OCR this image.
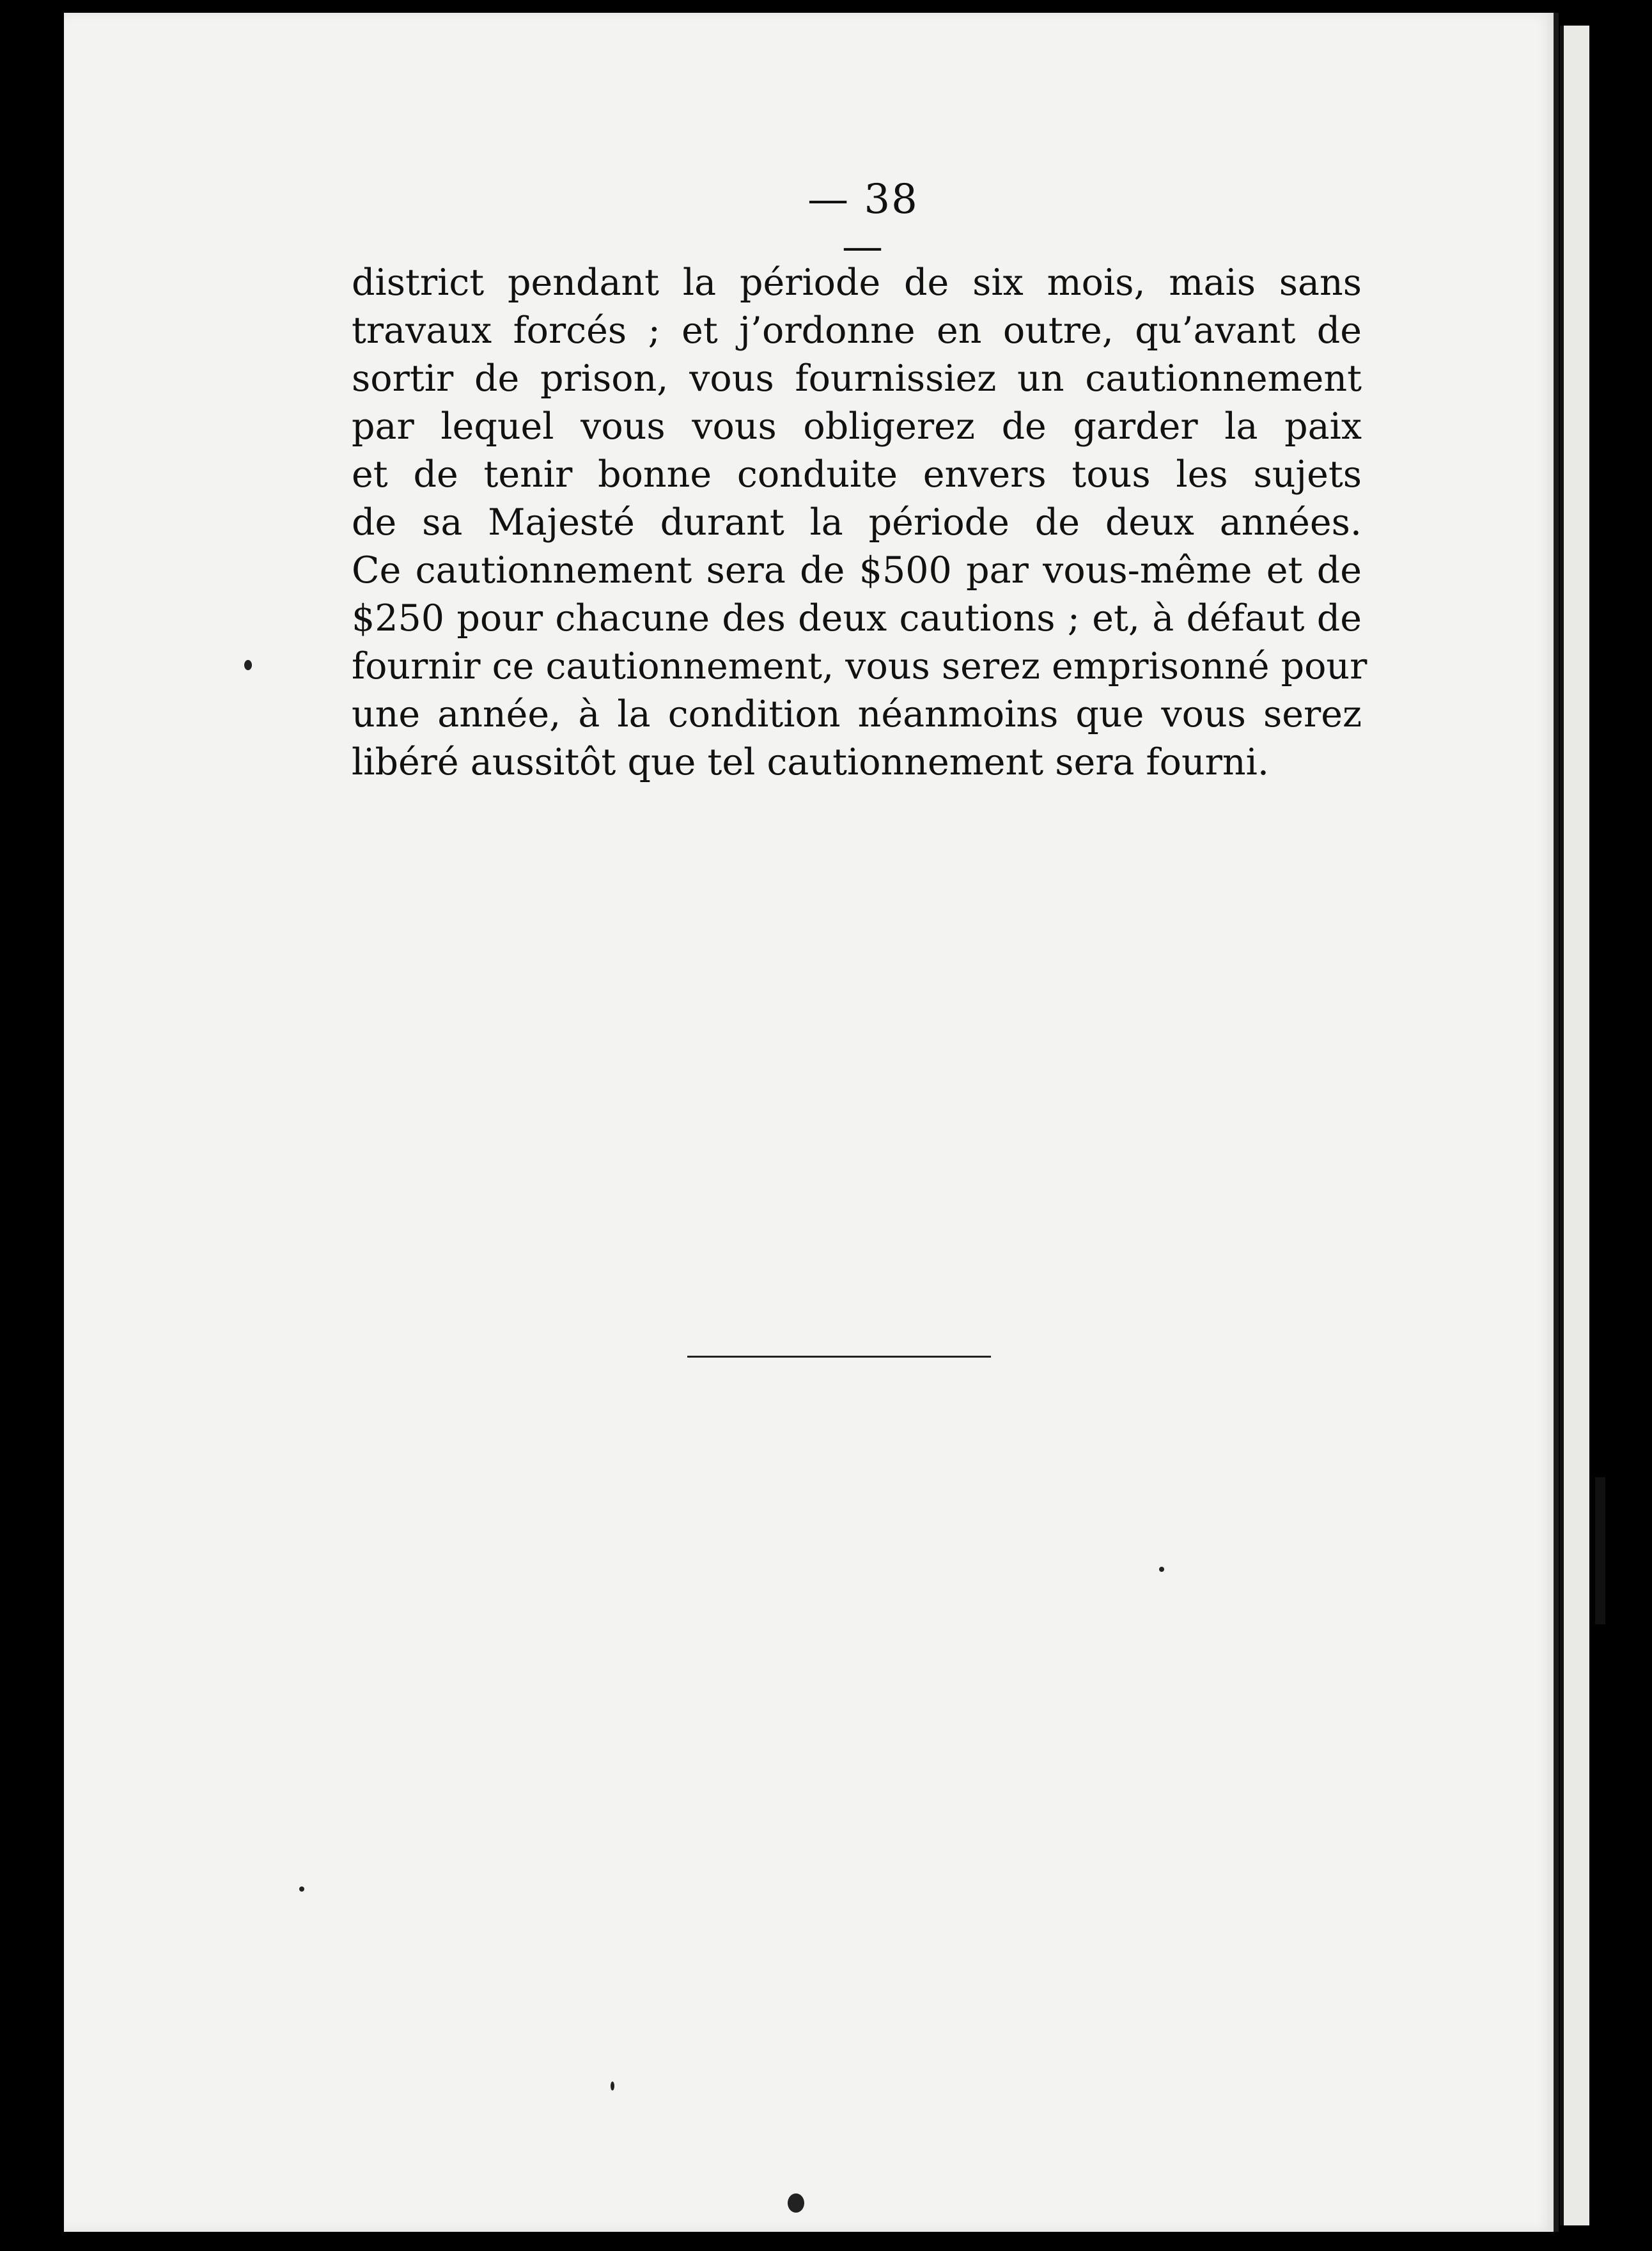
— 38 —

district pendant la période de six mois, mais sans
travaux forcés ; et j’ordonne en outre, qu’avant de
sortir de prison, vous fournissiez un cautionnement
par lequel vous vous obligerez de garder la paix
et de tenir bonne conduite envers tous les sujets
de sa Majesté durant la période de deux années.
Ce cautionnement sera de $500 par vous-même et de
$250 pour chacune des deux cautions ; et, à défaut de
fournir ce cautionnement, vous serez emprisonné pour
une année, à la condition néanmoins que vous serez
libéré aussitôt que tel cautionnement sera fourni.
